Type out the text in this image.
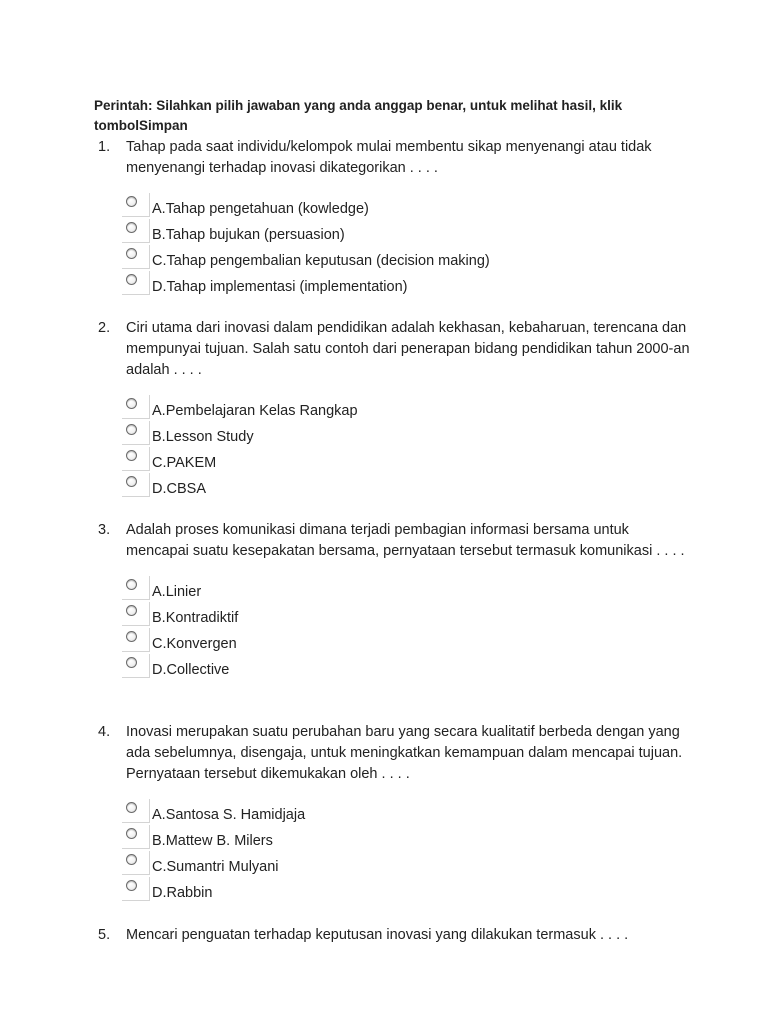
Perintah: Silahkan pilih jawaban yang anda anggap benar, untuk melihat hasil, klik tombolSimpan
1.	Tahap pada saat individu/kelompok mulai membentu sikap menyenangi atau tidak menyenangi terhadap inovasi dikategorikan . . . .
A.Tahap pengetahuan (kowledge)
B.Tahap bujukan (persuasion)
C.Tahap pengembalian keputusan (decision making)
D.Tahap implementasi (implementation)
2.	Ciri utama dari inovasi dalam pendidikan adalah kekhasan, kebaharuan, terencana dan mempunyai tujuan. Salah satu contoh dari penerapan bidang pendidikan tahun 2000-an adalah . . . .
A.Pembelajaran Kelas Rangkap
B.Lesson Study
C.PAKEM
D.CBSA
3.	Adalah proses komunikasi dimana terjadi pembagian informasi bersama untuk mencapai suatu kesepakatan bersama, pernyataan tersebut termasuk komunikasi . . . .
A.Linier
B.Kontradiktif
C.Konvergen
D.Collective
4.	Inovasi merupakan suatu perubahan baru yang secara kualitatif berbeda dengan yang ada sebelumnya, disengaja, untuk meningkatkan kemampuan dalam mencapai tujuan. Pernyataan tersebut dikemukakan oleh . . . .
A.Santosa S. Hamidjaja
B.Mattew B. Milers
C.Sumantri Mulyani
D.Rabbin
5.	Mencari penguatan terhadap keputusan inovasi yang dilakukan termasuk . . . .
